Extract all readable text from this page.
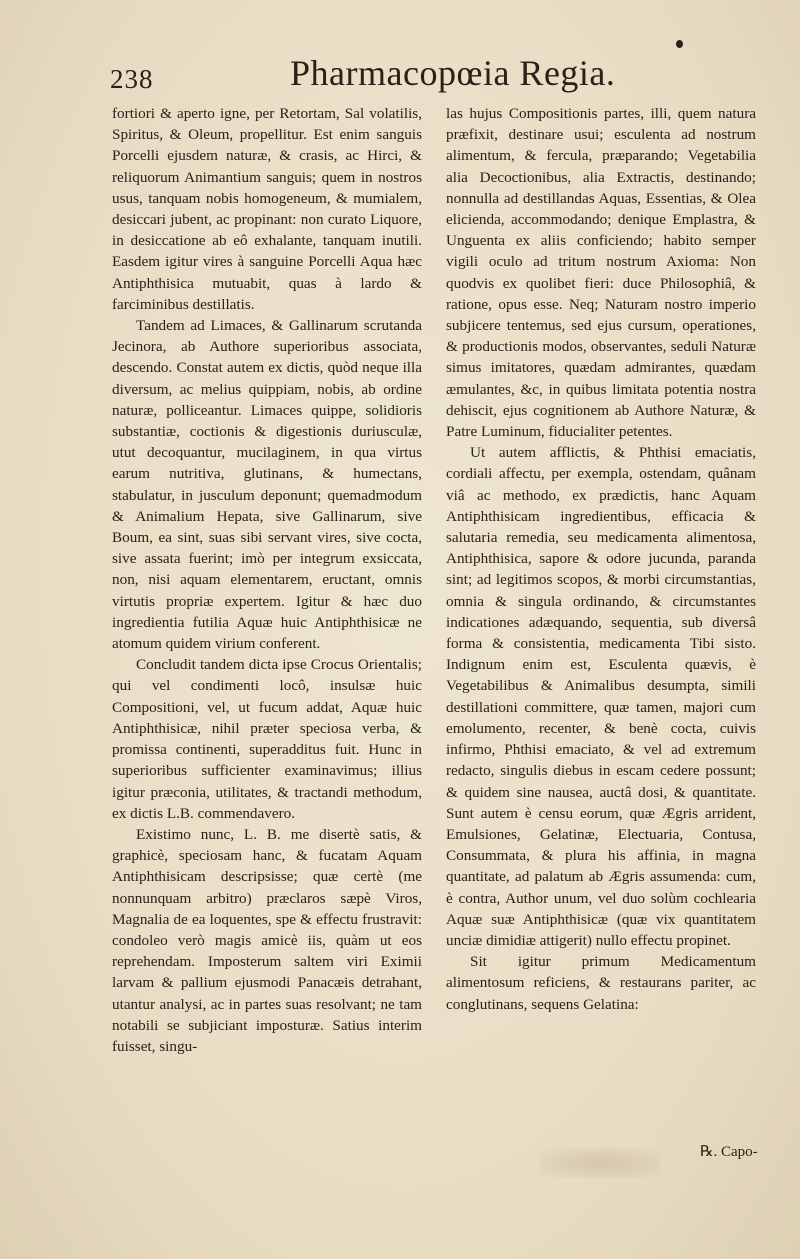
238	Pharmacopœia Regia.

fortiori & aperto igne, per Retortam, Sal volatilis, Spiritus, & Oleum, propellitur. Est enim sanguis Porcelli ejusdem naturæ, & crasis, ac Hirci, & reliquorum Animantium sanguis; quem in nostros usus, tanquam nobis homogeneum, & mumialem, desiccari jubent, ac propinant: non curato Liquore, in desiccatione ab eô exhalante, tanquam inutili. Easdem igitur vires à sanguine Porcelli Aqua hæc Antiphthisica mutuabit, quas à lardo & farciminibus destillatis.

Tandem ad Limaces, & Gallinarum scrutanda Jecinora, ab Authore superioribus associata, descendo. Constat autem ex dictis, quòd neque illa diversum, ac melius quippiam, nobis, ab ordine naturæ, polliceantur. Limaces quippe, solidioris substantiæ, coctionis & digestionis duriusculæ, utut decoquantur, mucilaginem, in qua virtus earum nutritiva, glutinans, & humectans, stabulatur, in jusculum deponunt; quemadmodum & Animalium Hepata, sive Gallinarum, sive Boum, ea sint, suas sibi servant vires, sive cocta, sive assata fuerint; imò per integrum exsiccata, non, nisi aquam elementarem, eructant, omnis virtutis propriæ expertem. Igitur & hæc duo ingredientia futilia Aquæ huic Antiphthisicæ ne atomum quidem virium conferent.

Concludit tandem dicta ipse Crocus Orientalis; qui vel condimenti locô, insulsæ huic Compositioni, vel, ut fucum addat, Aquæ huic Antiphthisicæ, nihil præter speciosa verba, & promissa continenti, superadditus fuit. Hunc in superioribus sufficienter examinavimus; illius igitur præconia, utilitates, & tractandi methodum, ex dictis L.B. commendavero.

Existimo nunc, L. B. me disertè satis, & graphicè, speciosam hanc, & fucatam Aquam Antiphthisicam descripsisse; quæ certè (me nonnunquam arbitro) præclaros sæpè Viros, Magnalia de ea loquentes, spe & effectu frustravit: condoleo verò magis amicè iis, quàm ut eos reprehendam. Imposterum saltem viri Eximii larvam & pallium ejusmodi Panacæis detrahant, utantur analysi, ac in partes suas resolvant; ne tam notabili se subjiciant imposturæ. Satius interim fuisset, singu-

las hujus Compositionis partes, illi, quem natura præfixit, destinare usui; esculenta ad nostrum alimentum, & fercula, præparando; Vegetabilia alia Decoctionibus, alia Extractis, destinando; nonnulla ad destillandas Aquas, Essentias, & Olea elicienda, accommodando; denique Emplastra, & Unguenta ex aliis conficiendo; habito semper vigili oculo ad tritum nostrum Axioma: Non quodvis ex quolibet fieri: duce Philosophiâ, & ratione, opus esse. Neq; Naturam nostro imperio subjicere tentemus, sed ejus cursum, operationes, & productionis modos, observantes, seduli Naturæ simus imitatores, quædam admirantes, quædam æmulantes, &c, in quibus limitata potentia nostra dehiscit, ejus cognitionem ab Authore Naturæ, & Patre Luminum, fiducialiter petentes.

Ut autem afflictis, & Phthisi emaciatis, cordiali affectu, per exempla, ostendam, quânam viâ ac methodo, ex prædictis, hanc Aquam Antiphthisicam ingredientibus, efficacia & salutaria remedia, seu medicamenta alimentosa, Antiphthisica, sapore & odore jucunda, paranda sint; ad legitimos scopos, & morbi circumstantias, omnia & singula ordinando, & circumstantes indicationes adæquando, sequentia, sub diversâ forma & consistentia, medicamenta Tibi sisto. Indignum enim est, Esculenta quævis, è Vegetabilibus & Animalibus desumpta, simili destillationi committere, quæ tamen, majori cum emolumento, recenter, & benè cocta, cuivis infirmo, Phthisi emaciato, & vel ad extremum redacto, singulis diebus in escam cedere possunt; & quidem sine nausea, auctâ dosi, & quantitate. Sunt autem è censu eorum, quæ Ægris arrident, Emulsiones, Gelatinæ, Electuaria, Contusa, Consummata, & plura his affinia, in magna quantitate, ad palatum ab Ægris assumenda: cum, è contra, Author unum, vel duo solùm cochlearia Aquæ suæ Antiphthisicæ (quæ vix quantitatem unciæ dimidiæ attigerit) nullo effectu propinet.

Sit igitur primum Medicamentum alimentosum reficiens, & restaurans pariter, ac conglutinans, sequens Gelatina:

℞. Capo-
